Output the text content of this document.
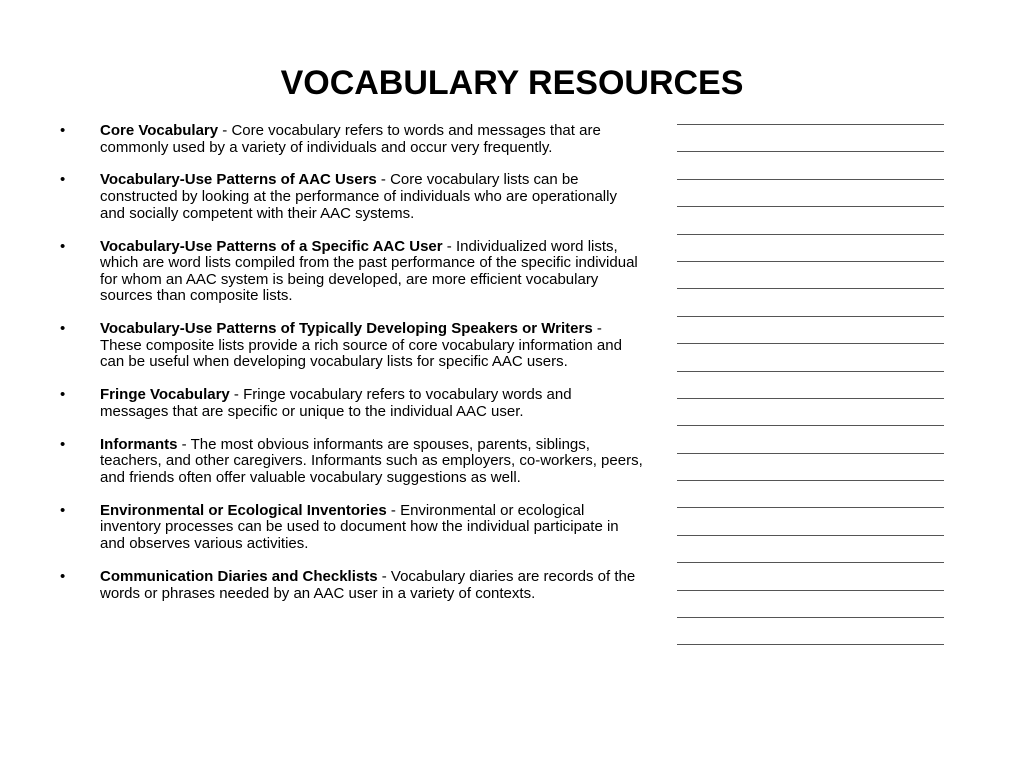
VOCABULARY RESOURCES
• Core Vocabulary - Core vocabulary refers to words and messages that are commonly used by a variety of individuals and occur very frequently.
• Vocabulary-Use Patterns of AAC Users - Core vocabulary lists can be constructed by looking at the performance of individuals who are operationally and socially competent with their AAC systems.
• Vocabulary-Use Patterns of a Specific AAC User - Individualized word lists, which are word lists compiled from the past performance of the specific individual for whom an AAC system is being developed, are more efficient vocabulary sources than composite lists.
• Vocabulary-Use Patterns of Typically Developing Speakers or Writers - These composite lists provide a rich source of core vocabulary information and can be useful when developing vocabulary lists for specific AAC users.
• Fringe Vocabulary - Fringe vocabulary refers to vocabulary words and messages that are specific or unique to the individual AAC user.
• Informants - The most obvious informants are spouses, parents, siblings, teachers, and other caregivers. Informants such as employers, co-workers, peers, and friends often offer valuable vocabulary suggestions as well.
• Environmental or Ecological Inventories - Environmental or ecological inventory processes can be used to document how the individual participate in and observes various activities.
• Communication Diaries and Checklists - Vocabulary diaries are records of the words or phrases needed by an AAC user in a variety of contexts.
